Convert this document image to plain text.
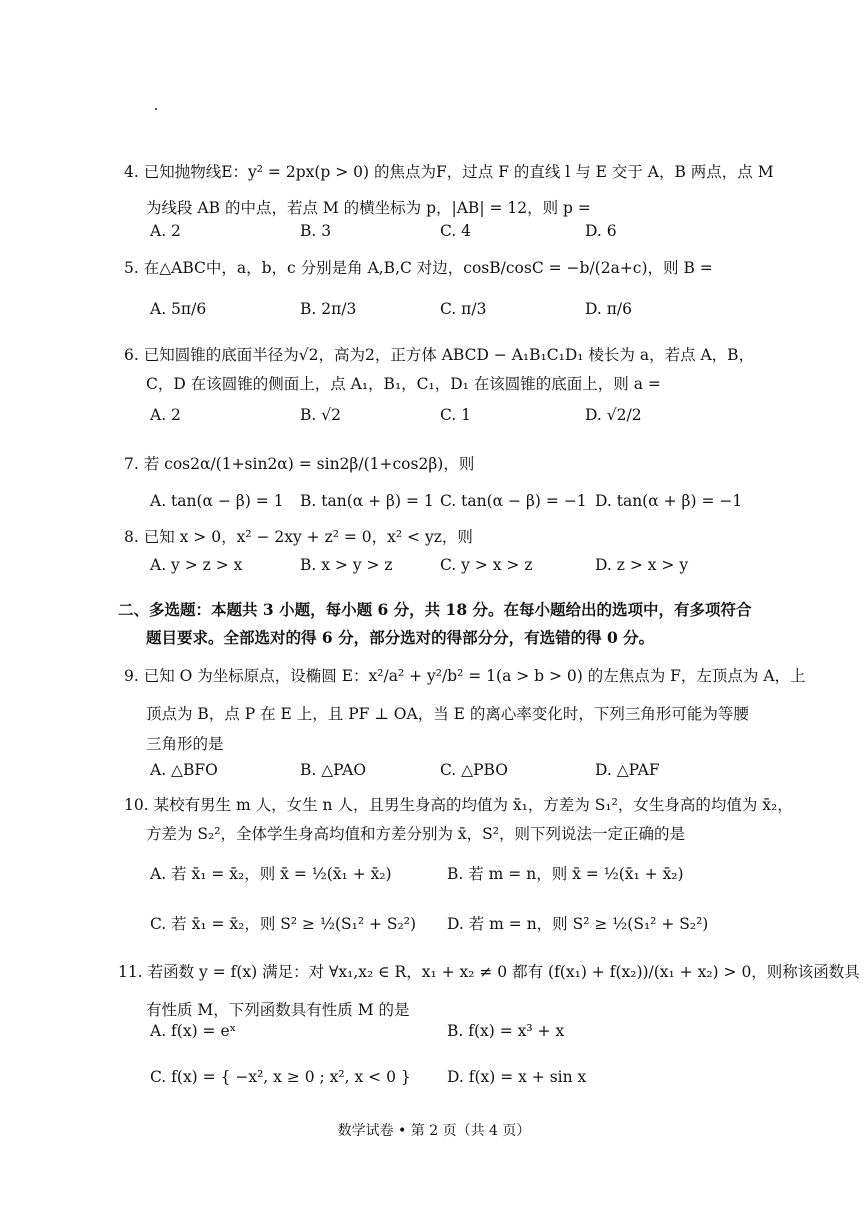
4. 已知抛物线E：y² = 2px(p > 0) 的焦点为F，过点 F 的直线 l 与 E 交于 A，B 两点，点 M
为线段 AB 的中点，若点 M 的横坐标为 p，|AB| = 12，则 p =
A. 2	B. 3	C. 4	D. 6
5. 在△ABC中，a，b，c 分别是角 A,B,C 对边，cosB/cosC = −b/(2a+c)，则 B =
A. 5π/6	B. 2π/3	C. π/3	D. π/6
6. 已知圆锥的底面半径为√2，高为2，正方体 ABCD − A₁B₁C₁D₁ 棱长为 a，若点 A，B，
C，D 在该圆锥的侧面上，点 A₁，B₁，C₁，D₁ 在该圆锥的底面上，则 a =
A. 2	B. √2	C. 1	D. √2/2
7. 若 cos2α/(1+sin2α) = sin2β/(1+cos2β)，则
A. tan(α − β) = 1 B. tan(α + β) = 1 C. tan(α − β) = −1 D. tan(α + β) = −1
8. 已知 x > 0，x² − 2xy + z² = 0，x² < yz，则
A. y > z > x	B. x > y > z	C. y > x > z	D. z > x > y
二、多选题：本题共 3 小题，每小题 6 分，共 18 分。在每小题给出的选项中，有多项符合
题目要求。全部选对的得 6 分，部分选对的得部分分，有选错的得 0 分。
9. 已知 O 为坐标原点，设椭圆 E：x²/a² + y²/b² = 1(a > b > 0) 的左焦点为 F，左顶点为 A，上
顶点为 B，点 P 在 E 上，且 PF ⊥ OA，当 E 的离心率变化时，下列三角形可能为等腰
三角形的是
A. △BFO	B. △PAO	C. △PBO	D. △PAF
10. 某校有男生 m 人，女生 n 人，且男生身高的均值为 x̄₁，方差为 S₁²，女生身高的均值为 x̄₂，
方差为 S₂²，全体学生身高均值和方差分别为 x̄，S²，则下列说法一定正确的是
A. 若 x̄₁ = x̄₂，则 x̄ = ½(x̄₁ + x̄₂)	B. 若 m = n，则 x̄ = ½(x̄₁ + x̄₂)
C. 若 x̄₁ = x̄₂，则 S² ≥ ½(S₁² + S₂²) D. 若 m = n，则 S² ≥ ½(S₁² + S₂²)
11. 若函数 y = f(x) 满足：对 ∀x₁,x₂ ∈ R，x₁ + x₂ ≠ 0 都有 (f(x₁) + f(x₂))/(x₁ + x₂) > 0，则称该函数具
有性质 M，下列函数具有性质 M 的是
A. f(x) = eˣ	B. f(x) = x³ + x
C. f(x) = { −x², x ≥ 0 ; x², x < 0 } D. f(x) = x + sin x
数学试卷 • 第 2 页（共 4 页）
